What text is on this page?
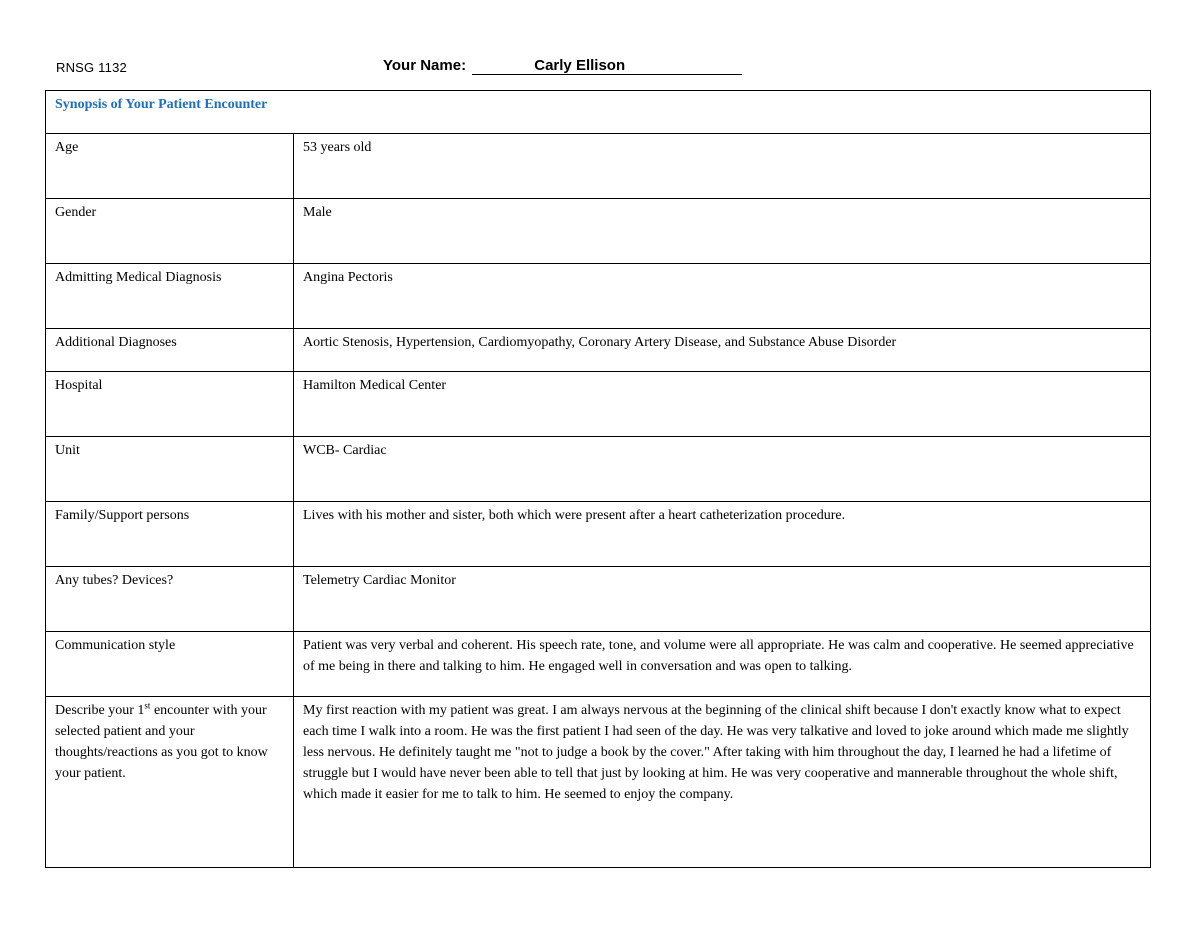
RNSG 1132	Your Name:	Carly Ellison
Synopsis of Your Patient Encounter	
Age	53 years old
Gender	Male
Admitting Medical Diagnosis	Angina Pectoris
Additional Diagnoses	Aortic Stenosis, Hypertension, Cardiomyopathy, Coronary Artery Disease, and Substance Abuse Disorder
Hospital	Hamilton Medical Center
Unit	WCB- Cardiac
Family/Support persons	Lives with his mother and sister, both which were present after a heart catheterization procedure.
Any tubes? Devices?	Telemetry Cardiac Monitor
Communication style	Patient was very verbal and coherent. His speech rate, tone, and volume were all appropriate. He was calm and cooperative. He seemed appreciative of me being in there and talking to him. He engaged well in conversation and was open to talking.
Describe your 1st encounter with your selected patient and your thoughts/reactions as you got to know your patient.	My first reaction with my patient was great. I am always nervous at the beginning of the clinical shift because I don't exactly know what to expect each time I walk into a room. He was the first patient I had seen of the day. He was very talkative and loved to joke around which made me slightly less nervous. He definitely taught me "not to judge a book by the cover." After taking with him throughout the day, I learned he had a lifetime of struggle but I would have never been able to tell that just by looking at him. He was very cooperative and mannerable throughout the whole shift, which made it easier for me to talk to him. He seemed to enjoy the company.
